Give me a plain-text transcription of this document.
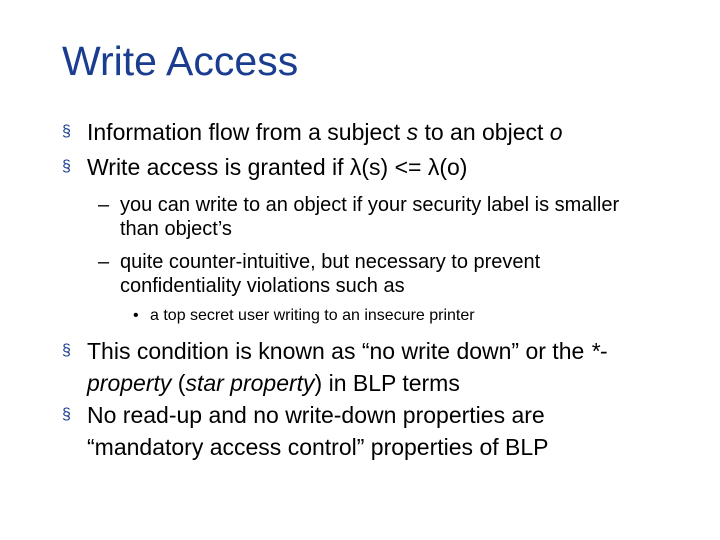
Write Access
§ Information flow from a subject s to an object o
§ Write access is granted if λ(s) <= λ(o)
– you can write to an object if your security label is smaller than object’s
– quite counter-intuitive, but necessary to prevent confidentiality violations such as
• a top secret user writing to an insecure printer
§ This condition is known as “no write down” or the *-property (star property) in BLP terms
§ No read-up and no write-down properties are “mandatory access control” properties of BLP
